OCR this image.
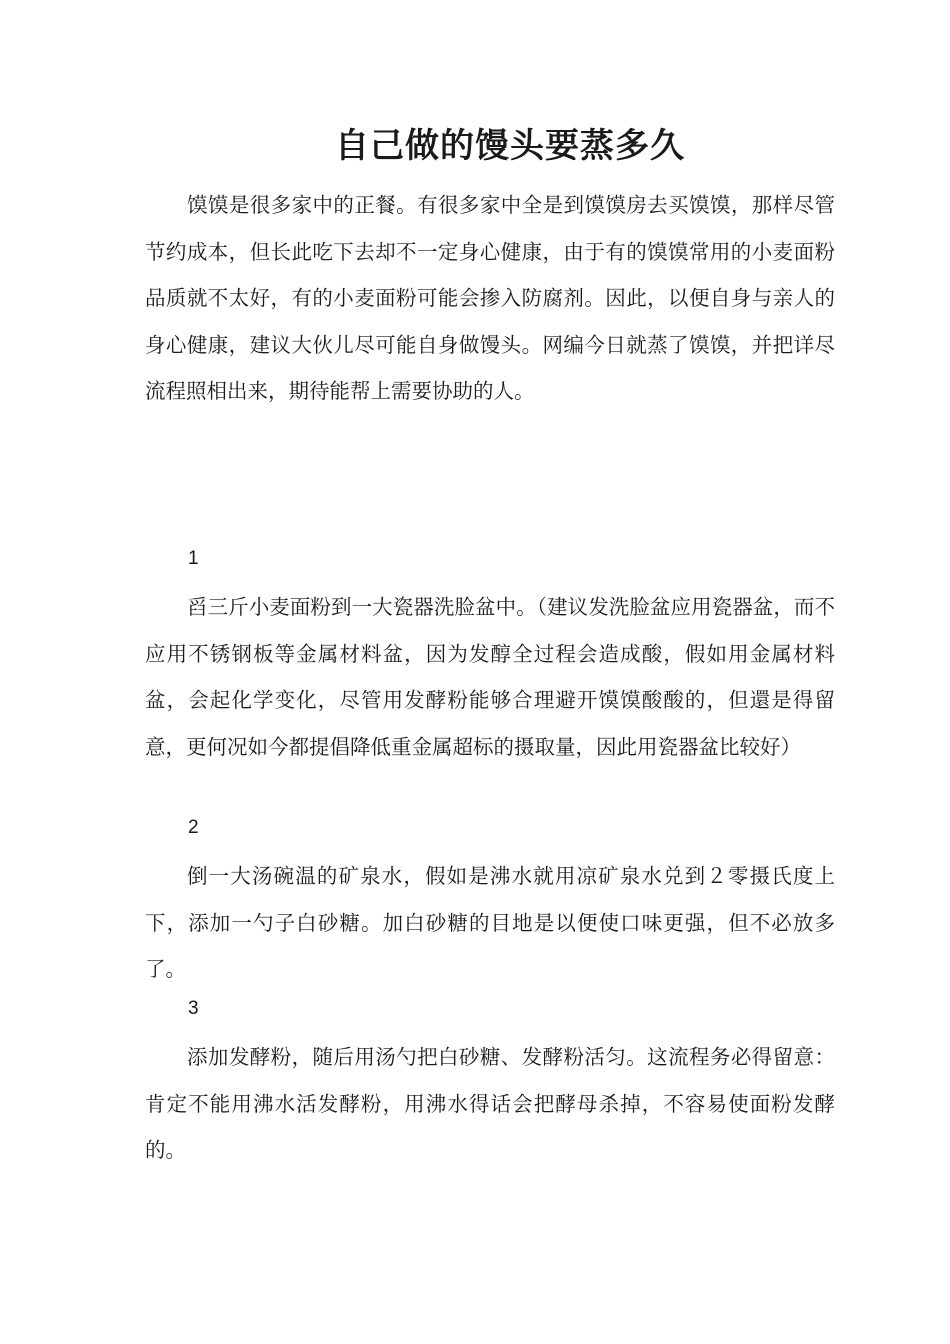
自己做的馒头要蒸多久

馍馍是很多家中的正餐。有很多家中全是到馍馍房去买馍馍，那样尽管节约成本，但长此吃下去却不一定身心健康，由于有的馍馍常用的小麦面粉品质就不太好，有的小麦面粉可能会掺入防腐剂。因此，以便自身与亲人的身心健康，建议大伙儿尽可能自身做馒头。网编今日就蒸了馍馍，并把详尽流程照相出来，期待能帮上需要协助的人。

1

舀三斤小麦面粉到一大瓷器洗脸盆中。（建议发洗脸盆应用瓷器盆，而不应用不锈钢板等金属材料盆，因为发醇全过程会造成酸，假如用金属材料盆，会起化学变化，尽管用发酵粉能够合理避开馍馍酸酸的，但還是得留意，更何况如今都提倡降低重金属超标的摄取量，因此用瓷器盆比较好）

2

倒一大汤碗温的矿泉水，假如是沸水就用凉矿泉水兑到２零摄氏度上下，添加一勺子白砂糖。加白砂糖的目地是以便使口味更强，但不必放多了。

3

添加发酵粉，随后用汤勺把白砂糖、发酵粉活匀。这流程务必得留意：肯定不能用沸水活发酵粉，用沸水得话会把酵母杀掉，不容易使面粉发酵的。
